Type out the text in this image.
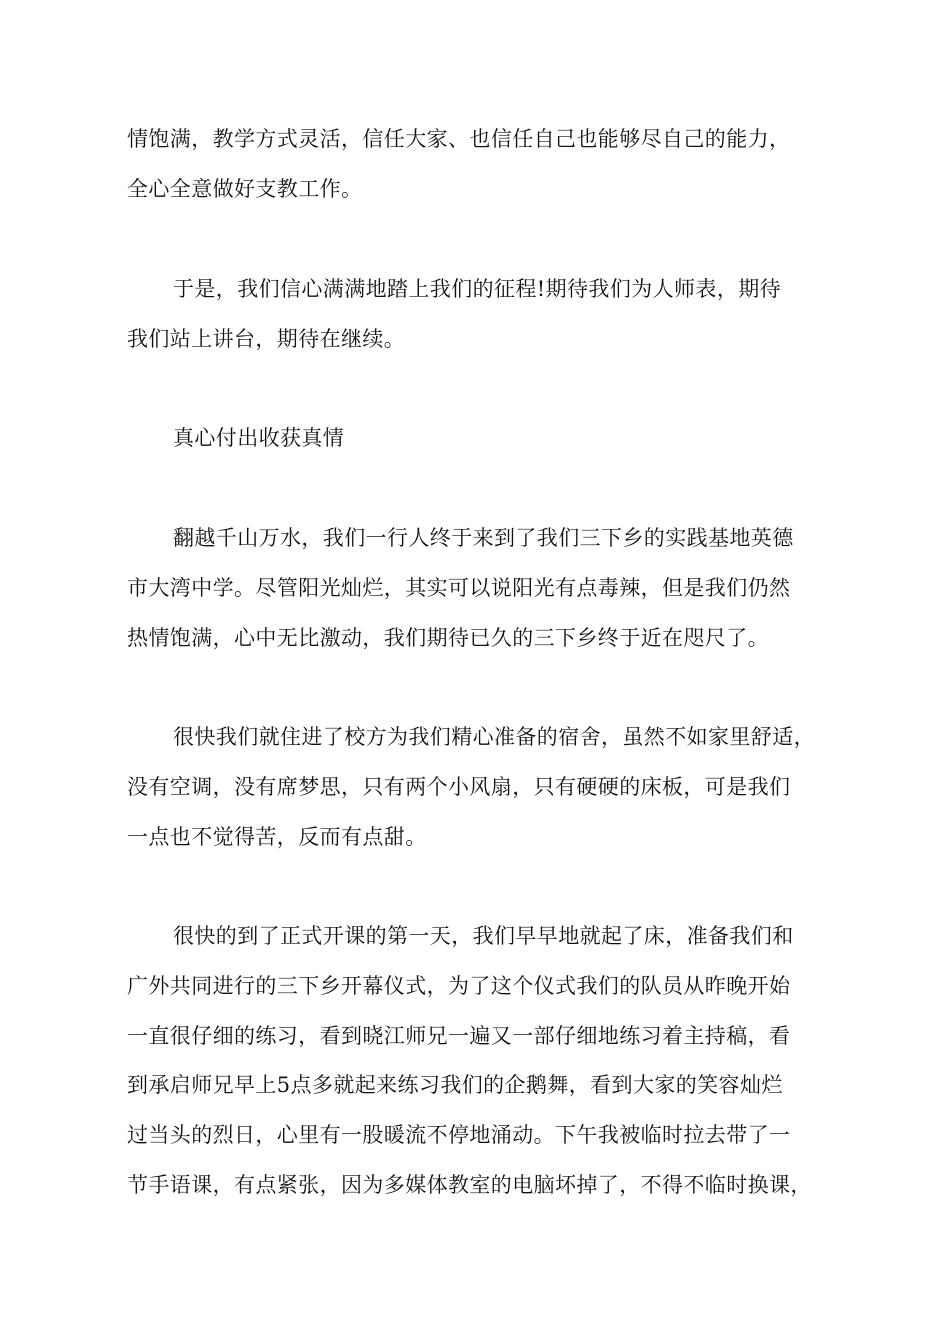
情饱满，教学方式灵活，信任大家、也信任自己也能够尽自己的能力，
全心全意做好支教工作。
于是，我们信心满满地踏上我们的征程!期待我们为人师表，期待
我们站上讲台，期待在继续。
真心付出收获真情
翻越千山万水，我们一行人终于来到了我们三下乡的实践基地英德
市大湾中学。尽管阳光灿烂，其实可以说阳光有点毒辣，但是我们仍然
热情饱满，心中无比激动，我们期待已久的三下乡终于近在咫尺了。
很快我们就住进了校方为我们精心准备的宿舍，虽然不如家里舒适，
没有空调，没有席梦思，只有两个小风扇，只有硬硬的床板，可是我们
一点也不觉得苦，反而有点甜。
很快的到了正式开课的第一天，我们早早地就起了床，准备我们和
广外共同进行的三下乡开幕仪式，为了这个仪式我们的队员从昨晚开始
一直很仔细的练习，看到晓江师兄一遍又一部仔细地练习着主持稿，看
到承启师兄早上5点多就起来练习我们的企鹅舞，看到大家的笑容灿烂
过当头的烈日，心里有一股暖流不停地涌动。下午我被临时拉去带了一
节手语课，有点紧张，因为多媒体教室的电脑坏掉了，不得不临时换课，
